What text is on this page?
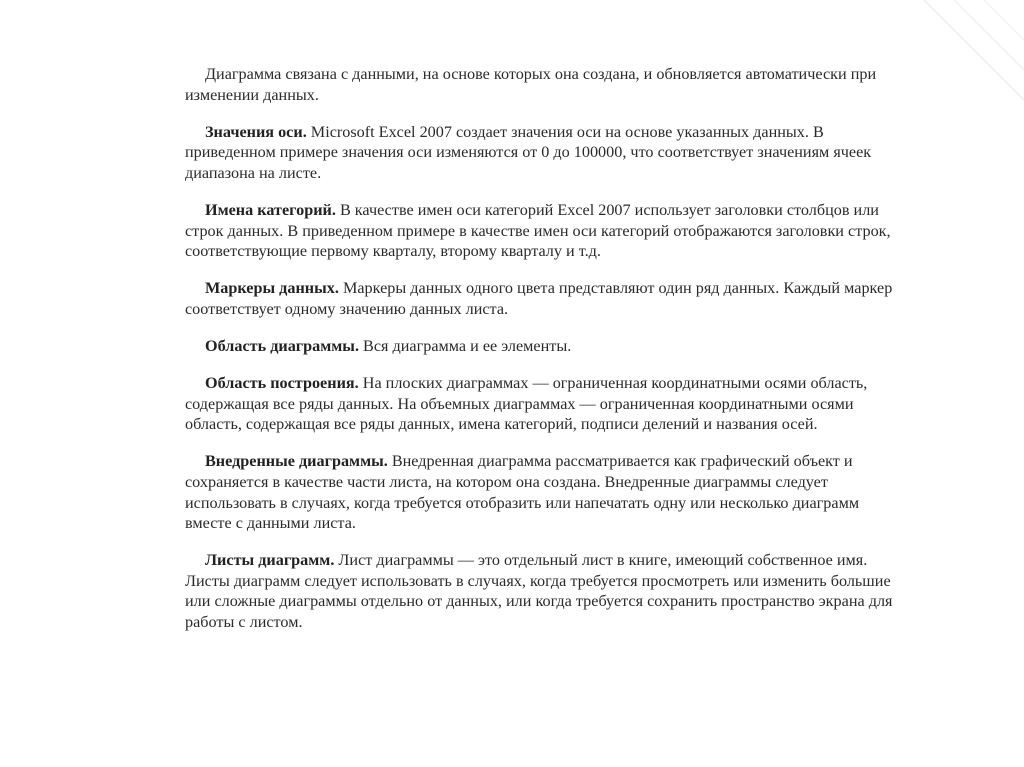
Диаграмма связана с данными, на основе которых она создана, и обновляется автоматически при изменении данных.

Значения оси. Microsoft Excel 2007 создает значения оси на основе указанных данных. В приведенном примере значения оси изменяются от 0 до 100000, что соответствует значениям ячеек диапазона на листе.

Имена категорий. В качестве имен оси категорий Excel 2007 использует заголовки столбцов или строк данных. В приведенном примере в качестве имен оси категорий отображаются заголовки строк, соответствующие первому кварталу, второму кварталу и т.д.

Маркеры данных. Маркеры данных одного цвета представляют один ряд данных. Каждый маркер соответствует одному значению данных листа.

Область диаграммы. Вся диаграмма и ее элементы.

Область построения. На плоских диаграммах — ограниченная координатными осями область, содержащая все ряды данных. На объемных диаграммах — ограниченная координатными осями область, содержащая все ряды данных, имена категорий, подписи делений и названия осей.

Внедренные диаграммы. Внедренная диаграмма рассматривается как графический объект и сохраняется в качестве части листа, на котором она создана. Внедренные диаграммы следует использовать в случаях, когда требуется отобразить или напечатать одну или несколько диаграмм вместе с данными листа.

Листы диаграмм. Лист диаграммы — это отдельный лист в книге, имеющий собственное имя. Листы диаграмм следует использовать в случаях, когда требуется просмотреть или изменить большие или сложные диаграммы отдельно от данных, или когда требуется сохранить пространство экрана для работы с листом.
